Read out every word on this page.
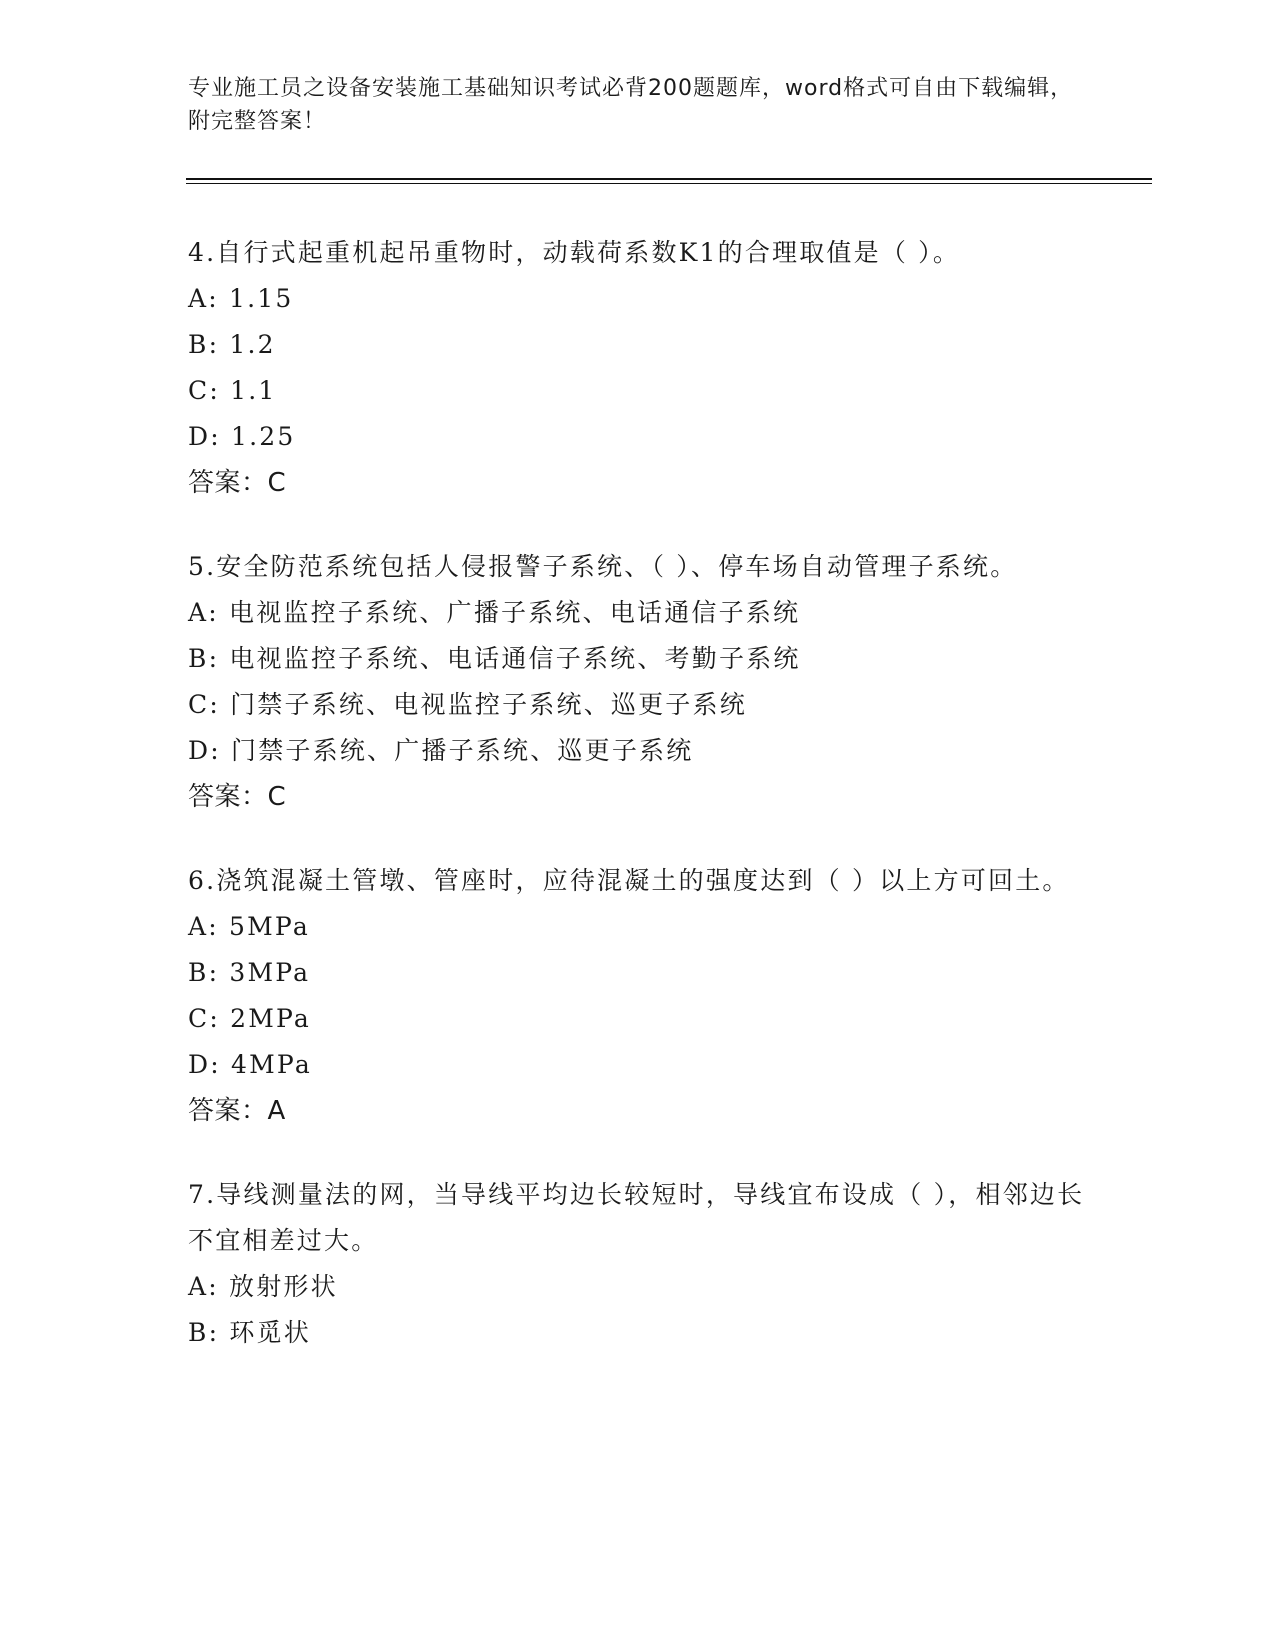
专业施工员之设备安装施工基础知识考试必背200题题库，word格式可自由下载编辑，附完整答案！
4.自行式起重机起吊重物时，动载荷系数K1的合理取值是（ ）。
A: 1.15
B: 1.2
C: 1.1
D: 1.25
答案：C
5.安全防范系统包括人侵报警子系统、（ ）、停车场自动管理子系统。
A: 电视监控子系统、广播子系统、电话通信子系统
B: 电视监控子系统、电话通信子系统、考勤子系统
C: 门禁子系统、电视监控子系统、巡更子系统
D: 门禁子系统、广播子系统、巡更子系统
答案：C
6.浇筑混凝土管墩、管座时，应待混凝土的强度达到（ ）以上方可回土。
A: 5MPa
B: 3MPa
C: 2MPa
D: 4MPa
答案：A
7.导线测量法的网，当导线平均边长较短时，导线宜布设成（ ），相邻边长不宜相差过大。
A: 放射形状
B: 环觅状
